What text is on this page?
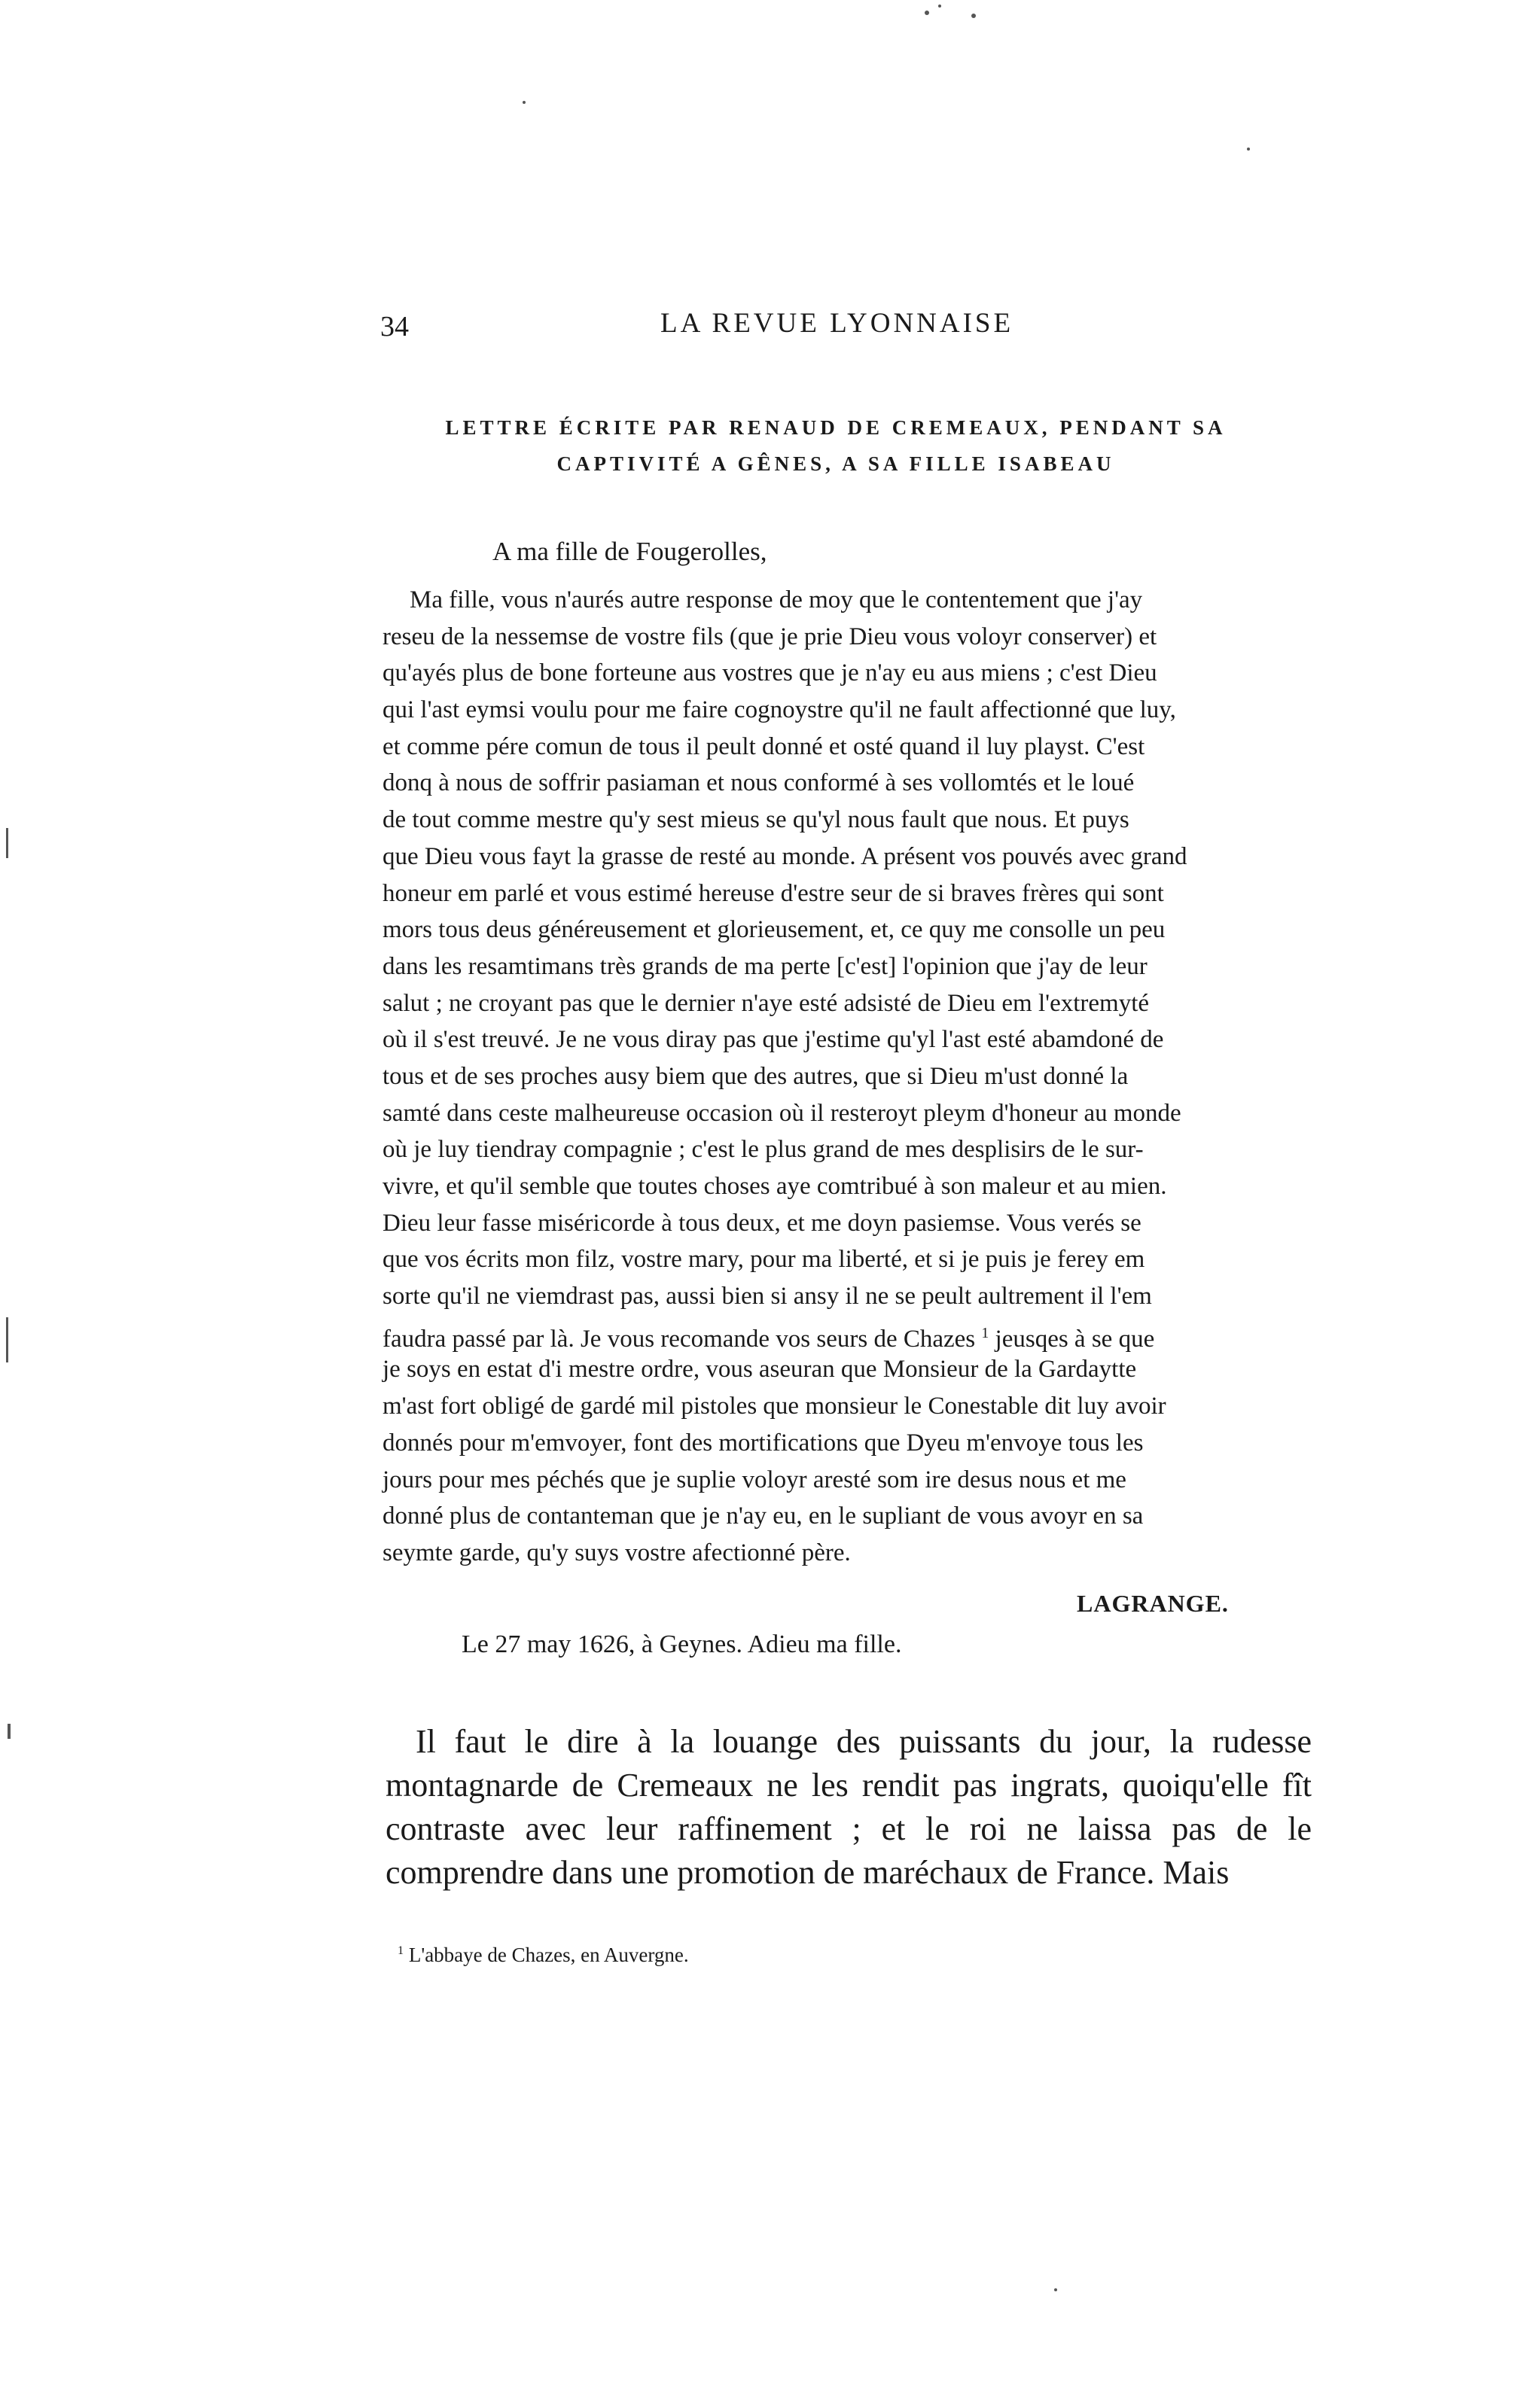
34	LA REVUE LYONNAISE
LETTRE ÉCRITE PAR RENAUD DE CREMEAUX, PENDANT SA
CAPTIVITÉ A GÊNES, A SA FILLE ISABEAU
A ma fille de Fougerolles,
Ma fille, vous n'aurés autre response de moy que le contentement que j'ay
reseu de la nessemse de vostre fils (que je prie Dieu vous voloyr conserver) et
qu'ayés plus de bone forteune aus vostres que je n'ay eu aus miens ; c'est Dieu
qui l'ast eymsi voulu pour me faire cognoystre qu'il ne fault affectionné que luy,
et comme pére comun de tous il peult donné et osté quand il luy playst. C'est
donq à nous de soffrir pasiaman et nous conformé à ses vollomtés et le loué
de tout comme mestre qu'y sest mieus se qu'yl nous fault que nous. Et puys
que Dieu vous fayt la grasse de resté au monde. A présent vos pouvés avec grand
honeur em parlé et vous estimé hereuse d'estre seur de si braves frères qui sont
mors tous deus généreusement et glorieusement, et, ce quy me consolle un peu
dans les resamtimans très grands de ma perte [c'est] l'opinion que j'ay de leur
salut ; ne croyant pas que le dernier n'aye esté adsisté de Dieu em l'extremyté
où il s'est treuvé. Je ne vous diray pas que j'estime qu'yl l'ast esté abamdoné de
tous et de ses proches ausy biem que des autres, que si Dieu m'ust donné la
samté dans ceste malheureuse occasion où il resteroyt pleym d'honeur au monde
où je luy tiendray compagnie ; c'est le plus grand de mes desplisirs de le sur-
vivre, et qu'il semble que toutes choses aye comtribué à son maleur et au mien.
Dieu leur fasse miséricorde à tous deux, et me doyn pasiemse. Vous verés se
que vos écrits mon filz, vostre mary, pour ma liberté, et si je puis je ferey em
sorte qu'il ne viemdrast pas, aussi bien si ansy il ne se peult aultrement il l'em
faudra passé par là. Je vous recomande vos seurs de Chazes $^1$ jeusqes à se que
je soys en estat d'i mestre ordre, vous aseuran que Monsieur de la Gardaytte
m'ast fort obligé de gardé mil pistoles que monsieur le Conestable dit luy avoir
donnés pour m'emvoyer, font des mortifications que Dyeu m'envoye tous les
jours pour mes péchés que je suplie voloyr aresté som ire desus nous et me
donné plus de contanteman que je n'ay eu, en le supliant de vous avoyr en sa
seymte garde, qu'y suys vostre afectionné père.
LAGRANGE.
Le 27 may 1626, à Geynes. Adieu ma fille.
Il faut le dire à la louange des puissants du jour, la rudesse montagnarde de Cremeaux ne les rendit pas ingrats, quoiqu'elle fît contraste avec leur raffinement ; et le roi ne laissa pas de le comprendre dans une promotion de maréchaux de France. Mais
$^1$ L'abbaye de Chazes, en Auvergne.
